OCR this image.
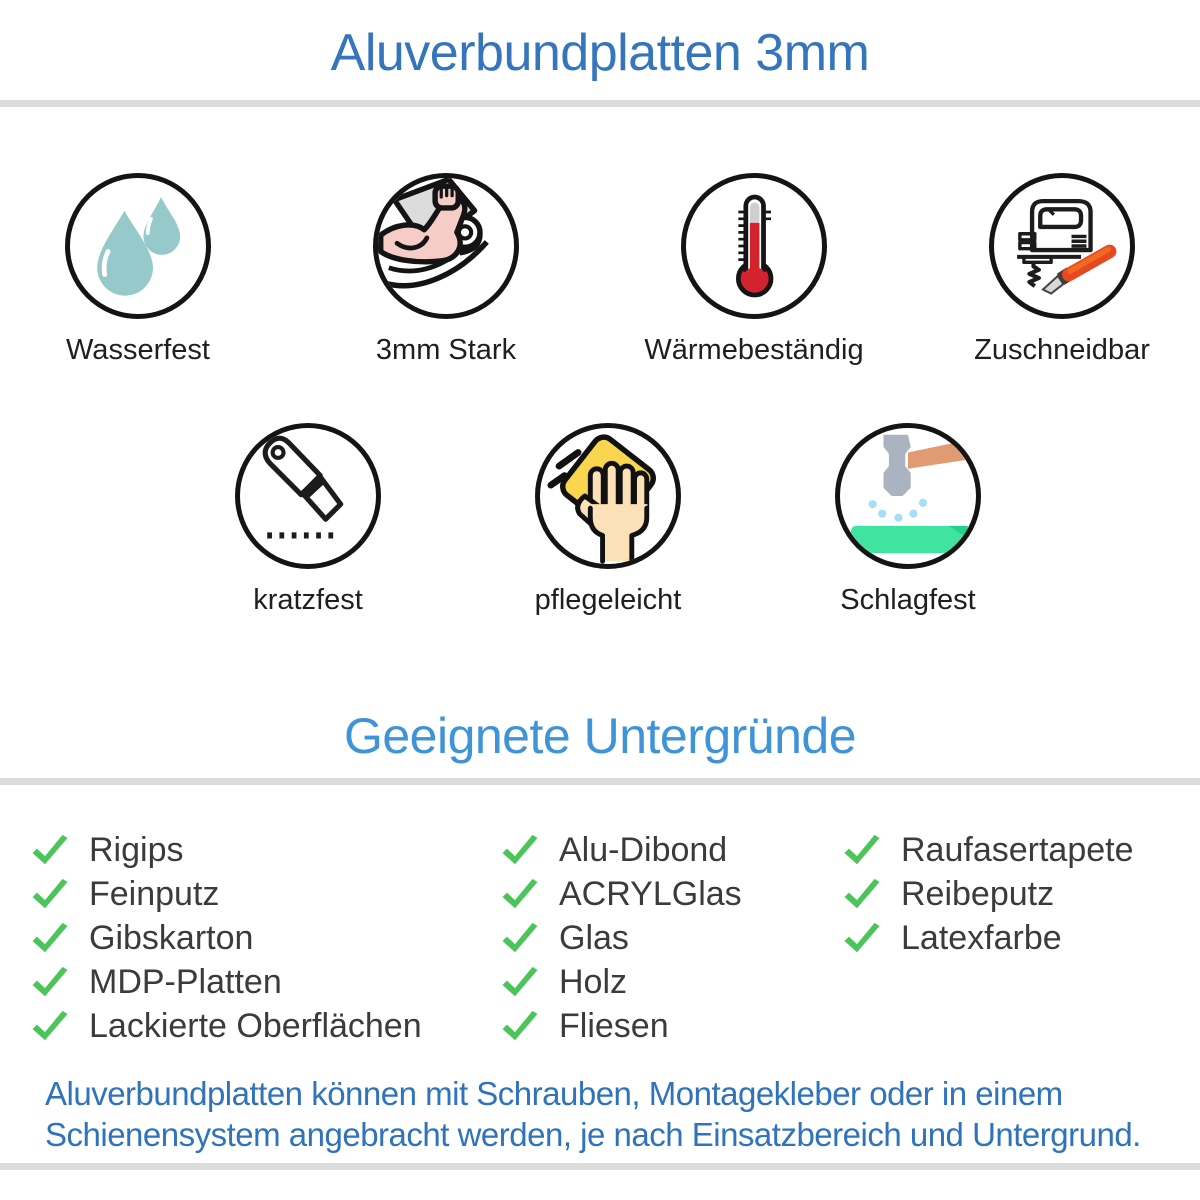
Aluverbundplatten 3mm
Wasserfest	3mm Stark	Wärmebeständig	Zuschneidbar
kratzfest	pflegeleicht	Schlagfest
Geeignete Untergründe
Rigips
Feinputz
Gibskarton
MDP-Platten
Lackierte Oberflächen
Alu-Dibond
ACRYLGlas
Glas
Holz
Fliesen
Raufasertapete
Reibeputz
Latexfarbe

Aluverbundplatten können mit Schrauben, Montagekleber oder in einem Schienensystem angebracht werden, je nach Einsatzbereich und Untergrund.
